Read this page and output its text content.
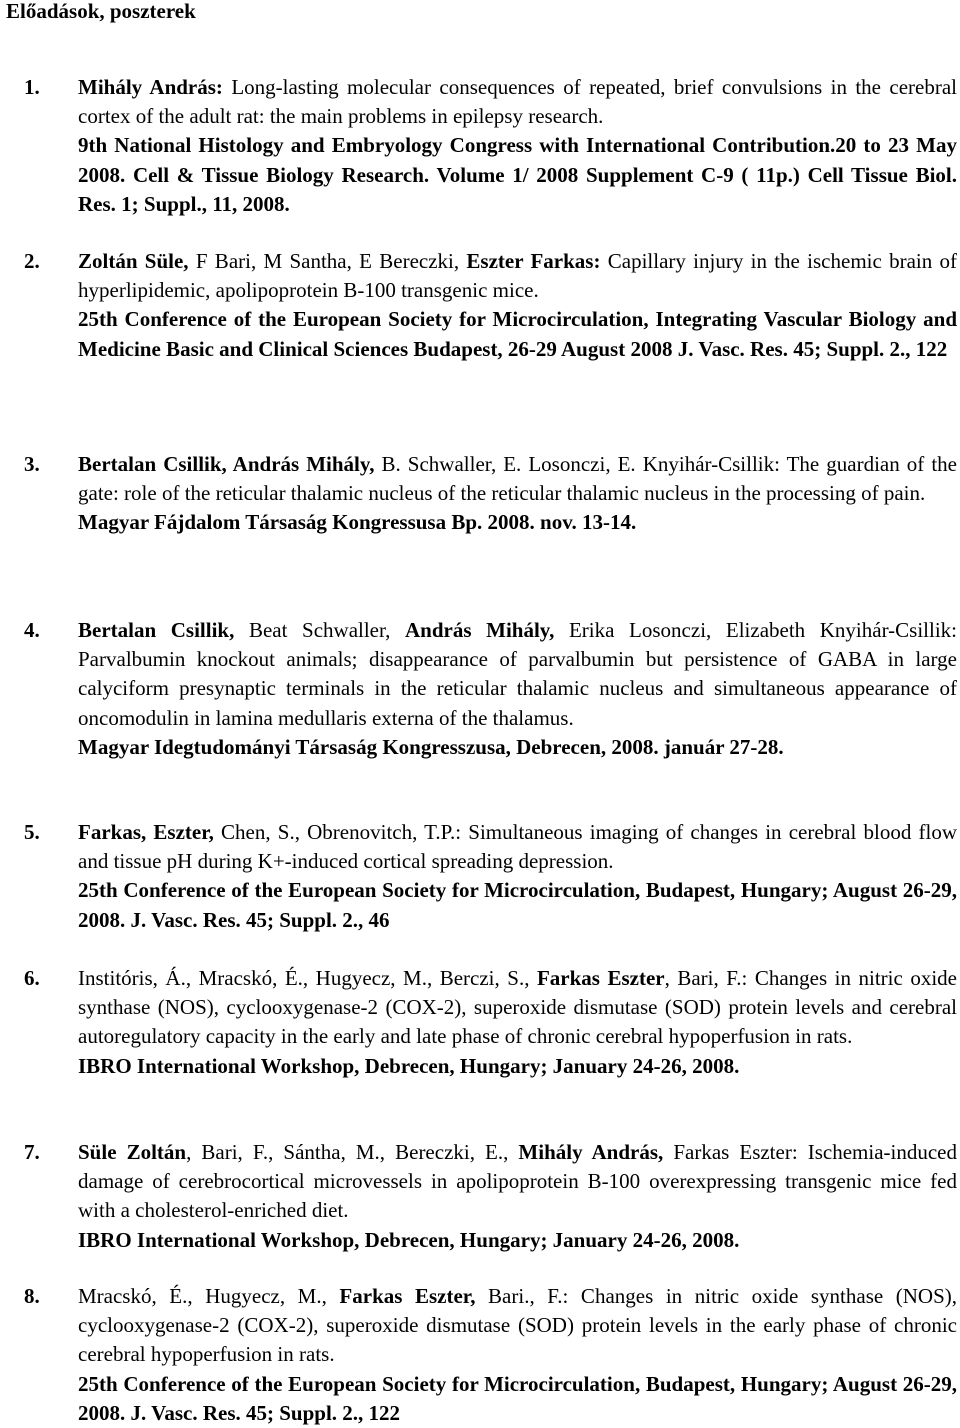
Előadások, poszterek
1. Mihály András: Long-lasting molecular consequences of repeated, brief convulsions in the cerebral cortex of the adult rat: the main problems in epilepsy research.

9th National Histology and Embryology Congress with International Contribution.20 to 23 May 2008. Cell & Tissue Biology Research. Volume 1/ 2008 Supplement C-9 ( 11p.) Cell Tissue Biol. Res. 1; Suppl., 11, 2008.

2. Zoltán Süle, F Bari, M Santha, E Bereczki, Eszter Farkas: Capillary injury in the ischemic brain of hyperlipidemic, apolipoprotein B-100 transgenic mice.

25th Conference of the European Society for Microcirculation, Integrating Vascular Biology and Medicine Basic and Clinical Sciences Budapest, 26-29 August 2008 J. Vasc. Res. 45; Suppl. 2., 122

3. Bertalan Csillik, András Mihály, B. Schwaller, E. Losonczi, E. Knyihár-Csillik: The guardian of the gate: role of the reticular thalamic nucleus of the reticular thalamic nucleus in the processing of pain.

Magyar Fájdalom Társaság Kongressusa Bp. 2008. nov. 13-14.

4. Bertalan Csillik, Beat Schwaller, András Mihály, Erika Losonczi, Elizabeth Knyihár-Csillik: Parvalbumin knockout animals; disappearance of parvalbumin but persistence of GABA in large calyciform presynaptic terminals in the reticular thalamic nucleus and simultaneous appearance of oncomodulin in lamina medullaris externa of the thalamus.

Magyar Idegtudományi Társaság Kongresszusa, Debrecen, 2008. január 27-28.

5. Farkas, Eszter, Chen, S., Obrenovitch, T.P.: Simultaneous imaging of changes in cerebral blood flow and tissue pH during K+-induced cortical spreading depression.

25th Conference of the European Society for Microcirculation, Budapest, Hungary; August 26-29, 2008. J. Vasc. Res. 45; Suppl. 2., 46

6. Institóris, Á., Mracskó, É., Hugyecz, M., Berczi, S., Farkas Eszter, Bari, F.: Changes in nitric oxide synthase (NOS), cyclooxygenase-2 (COX-2), superoxide dismutase (SOD) protein levels and cerebral autoregulatory capacity in the early and late phase of chronic cerebral hypoperfusion in rats.

IBRO International Workshop, Debrecen, Hungary; January 24-26, 2008.

7. Süle Zoltán, Bari, F., Sántha, M., Bereczki, E., Mihály András, Farkas Eszter: Ischemia-induced damage of cerebrocortical microvessels in apolipoprotein B-100 overexpressing transgenic mice fed with a cholesterol-enriched diet.

IBRO International Workshop, Debrecen, Hungary; January 24-26, 2008.

8. Mracskó, É., Hugyecz, M., Farkas Eszter, Bari., F.: Changes in nitric oxide synthase (NOS), cyclooxygenase-2 (COX-2), superoxide dismutase (SOD) protein levels in the early phase of chronic cerebral hypoperfusion in rats.

25th Conference of the European Society for Microcirculation, Budapest, Hungary; August 26-29, 2008. J. Vasc. Res. 45; Suppl. 2., 122
